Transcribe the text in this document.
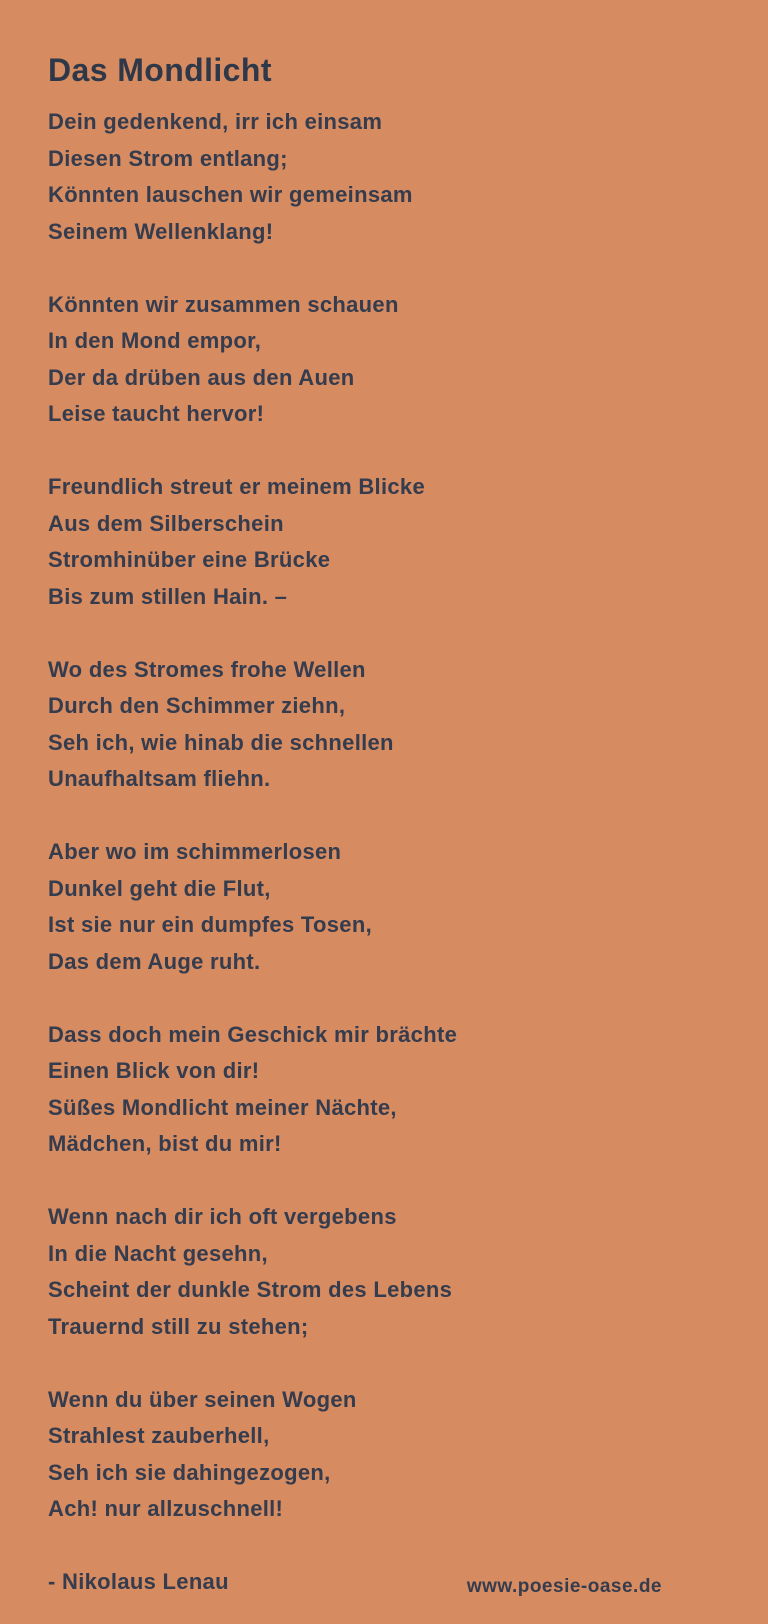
Das Mondlicht
Dein gedenkend, irr ich einsam
Diesen Strom entlang;
Könnten lauschen wir gemeinsam
Seinem Wellenklang!
Könnten wir zusammen schauen
In den Mond empor,
Der da drüben aus den Auen
Leise taucht hervor!
Freundlich streut er meinem Blicke
Aus dem Silberschein
Stromhinüber eine Brücke
Bis zum stillen Hain. –
Wo des Stromes frohe Wellen
Durch den Schimmer ziehn,
Seh ich, wie hinab die schnellen
Unaufhaltsam fliehn.
Aber wo im schimmerlosen
Dunkel geht die Flut,
Ist sie nur ein dumpfes Tosen,
Das dem Auge ruht.
Dass doch mein Geschick mir brächte
Einen Blick von dir!
Süßes Mondlicht meiner Nächte,
Mädchen, bist du mir!
Wenn nach dir ich oft vergebens
In die Nacht gesehn,
Scheint der dunkle Strom des Lebens
Trauernd still zu stehen;
Wenn du über seinen Wogen
Strahlest zauberhell,
Seh ich sie dahingezogen,
Ach! nur allzuschnell!
- Nikolaus Lenau	www.poesie-oase.de
